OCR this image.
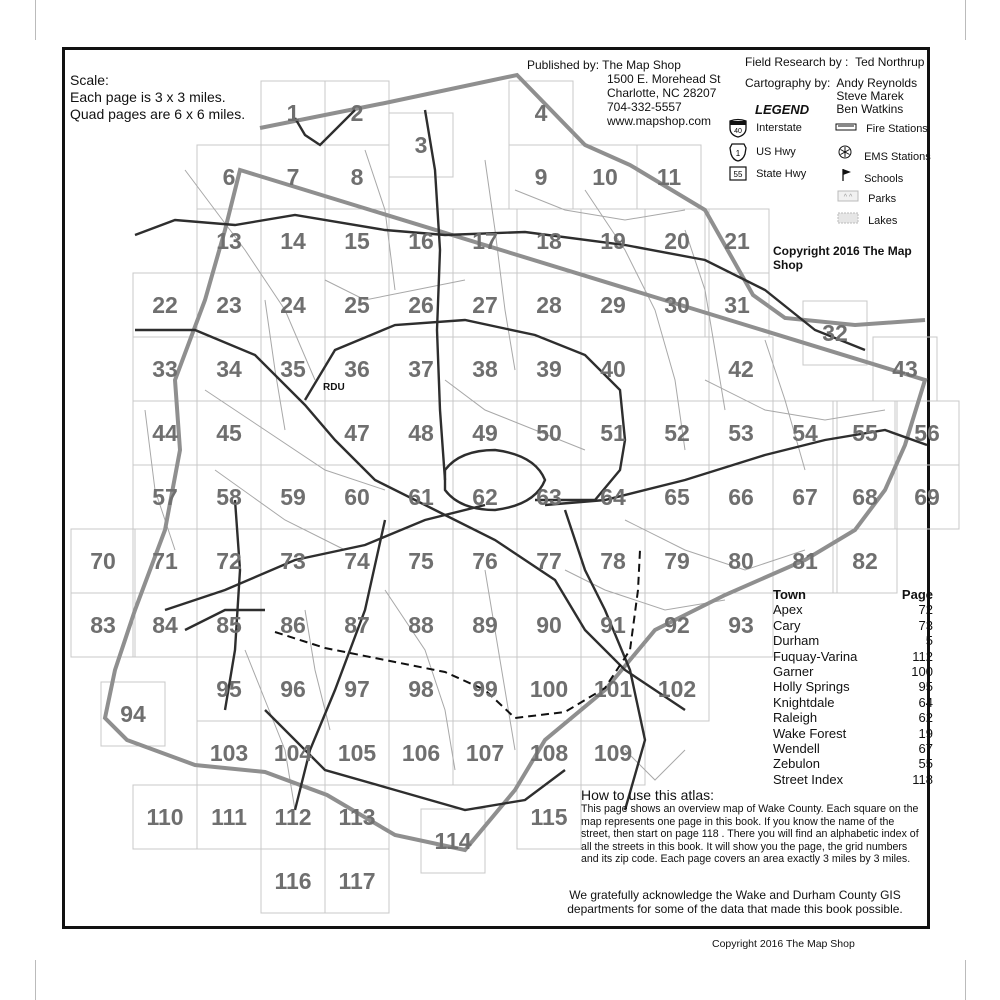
1 2
3
4
6 7 8	9 10 11
13 14 15 16 17 18 19 20 21
22 23 24 25 26 27 28 29 30 31
32
33 34 35 36 37 38 39 40	42	43
44 45	47 48 49 50 51 52 53 54 55 56
57 58 59 60 61 62 63 64 65 66 67 68 69
70 71 72 73 74 75 76 77 78 79 80 81 82
83 84 85 86 87 88 89 90 91 92 93
94
95 96 97 98 99 100 101 102
103 104 105 106 107 108 109
110 111 112 113
114
115
116 117
RDU
Scale:
Each page is 3 x 3 miles.
Quad pages are 6 x 6 miles.
Published by: The Map Shop
1500 E. Morehead St
Charlotte, NC 28207
704-332-5557
www.mapshop.com
Field Research by :
Ted Northrup
Cartography by: Andy Reynolds
Steve Marek
Ben Watkins
LEGEND
40 Interstate
1 US Hwy
55 State Hwy
Fire Stations
EMS Stations
Schools
^ ^ Parks
Lakes
Copyright 2016 The Map Shop
Town	Page
Apex	72
Cary	73
Durham	5
Fuquay-Varina	112
Garner	100
Holly Springs	95
Knightdale	64
Raleigh	62
Wake Forest	19
Wendell	67
Zebulon	55
Street Index	118
How to use this atlas:
This page shows an overview map of Wake County. Each square on the map represents one page in this book. If you know the name of the street, then start on page 118 . There you will find an alphabetic index of all the streets in this book. It will show you the page, the grid numbers and its zip code. Each page covers an area exactly 3 miles by 3 miles.
We gratefully acknowledge the Wake and Durham County GIS departments for some of the data that made this book possible.
Copyright 2016 The Map Shop
